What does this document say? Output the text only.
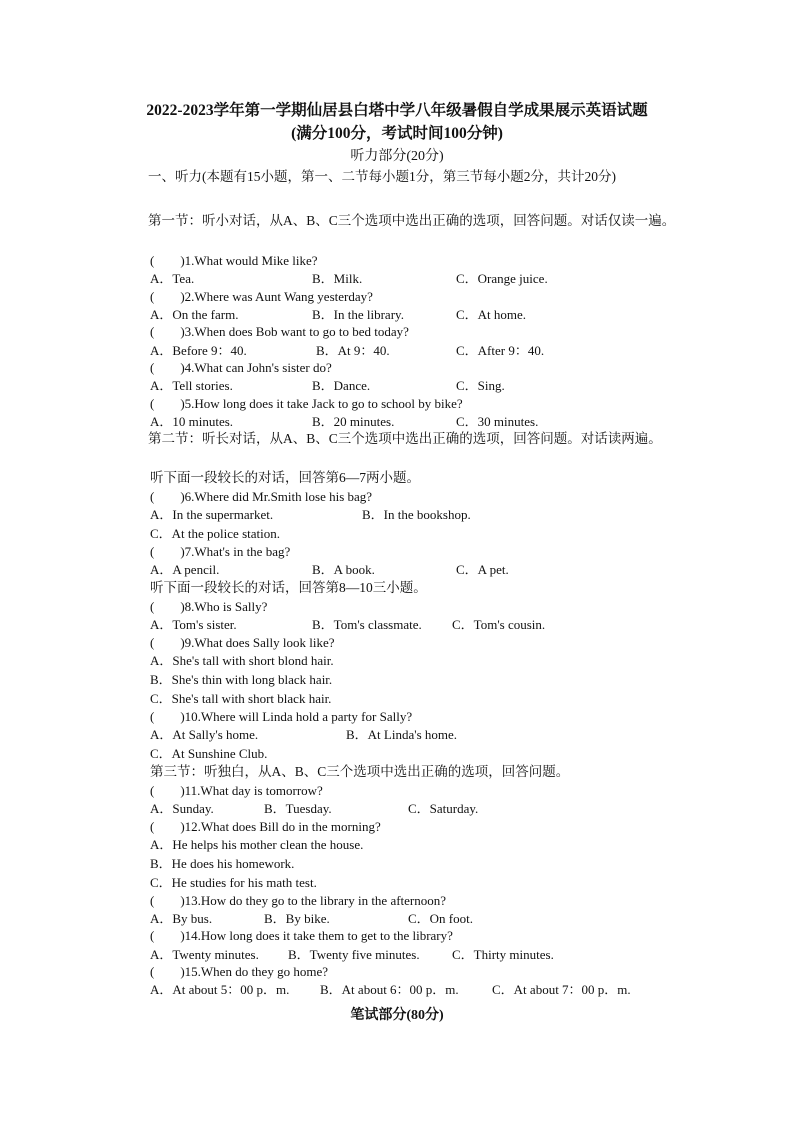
2022-2023学年第一学期仙居县白塔中学八年级暑假自学成果展示英语试题
(满分100分，考试时间100分钟)
听力部分(20分)
一、听力(本题有15小题，第一、二节每小题1分，第三节每小题2分，共计20分)
第一节：听小对话，从A、B、C三个选项中选出正确的选项，回答问题。对话仅读一遍。
(　　)1.What would Mike like?
A．Tea.	B．Milk.	C．Orange juice.
(　　)2.Where was Aunt Wang yesterday?
A．On the farm.	B．In the library.	C．At home.
(　　)3.When does Bob want to go to bed today?
A．Before 9：40.	B．At 9：40.	C．After 9：40.
(　　)4.What can John's sister do?
A．Tell stories.	B．Dance.	C．Sing.
(　　)5.How long does it take Jack to go to school by bike?
A．10 minutes.	B．20 minutes.	C．30 minutes.
第二节：听长对话，从A、B、C三个选项中选出正确的选项，回答问题。对话读两遍。
听下面一段较长的对话，回答第6—7两小题。
(　　)6.Where did Mr.Smith lose his bag?
A．In the supermarket.	B．In the bookshop.
C．At the police station.
(　　)7.What's in the bag?
A．A pencil.	B．A book.	C．A pet.
听下面一段较长的对话，回答第8—10三小题。
(　　)8.Who is Sally?
A．Tom's sister.	B．Tom's classmate. C．Tom's cousin.
(　　)9.What does Sally look like?
A．She's tall with short blond hair.
B．She's thin with long black hair.
C．She's tall with short black hair.
(　　)10.Where will Linda hold a party for Sally?
A．At Sally's home.	B．At Linda's home.
C．At Sunshine Club.
第三节：听独白，从A、B、C三个选项中选出正确的选项，回答问题。
(　　)11.What day is tomorrow?
A．Sunday.	B．Tuesday.	C．Saturday.
(　　)12.What does Bill do in the morning?
A．He helps his mother clean the house.
B．He does his homework.
C．He studies for his math test.
(　　)13.How do they go to the library in the afternoon?
A．By bus.	B．By bike.	C．On foot.
(　　)14.How long does it take them to get to the library?
A．Twenty minutes. B．Twenty five minutes. C．Thirty minutes.
(　　)15.When do they go home?
A．At about 5：00 p．m. B．At about 6：00 p．m.	C．At about 7：00 p．m.
笔试部分(80分)
